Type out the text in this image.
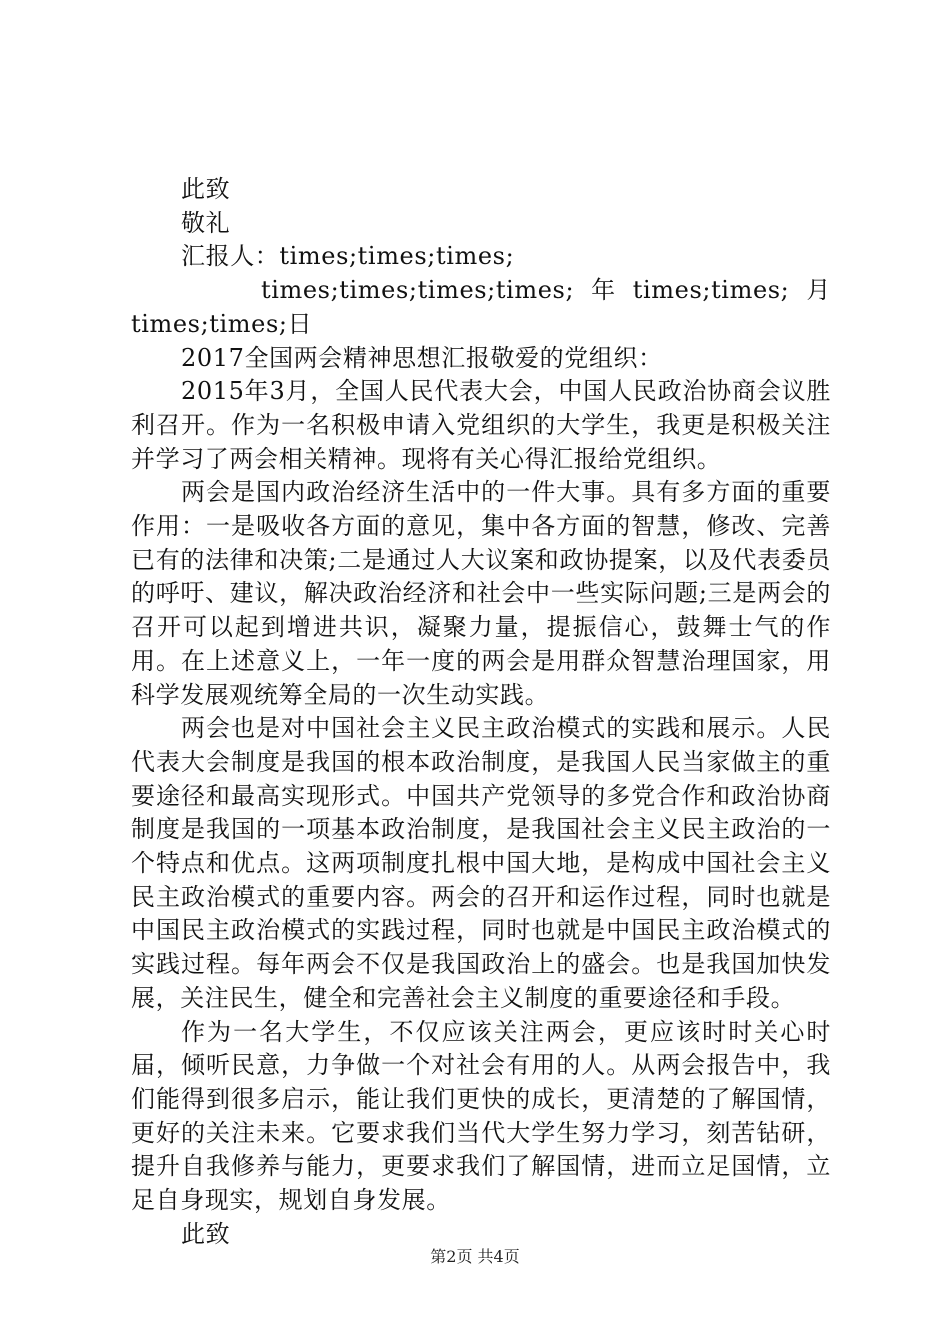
此致

敬礼

汇报人：times;times;times;

times;times;times;times; 年 times;times; 月

times;times;日

2017全国两会精神思想汇报敬爱的党组织：

2015年3月，全国人民代表大会，中国人民政治协商会议胜利召开。作为一名积极申请入党组织的大学生，我更是积极关注并学习了两会相关精神。现将有关心得汇报给党组织。

两会是国内政治经济生活中的一件大事。具有多方面的重要作用：一是吸收各方面的意见，集中各方面的智慧，修改、完善已有的法律和决策;二是通过人大议案和政协提案，以及代表委员的呼吁、建议，解决政治经济和社会中一些实际问题;三是两会的召开可以起到增进共识，凝聚力量，提振信心，鼓舞士气的作用。在上述意义上，一年一度的两会是用群众智慧治理国家，用科学发展观统筹全局的一次生动实践。

两会也是对中国社会主义民主政治模式的实践和展示。人民代表大会制度是我国的根本政治制度，是我国人民当家做主的重要途径和最高实现形式。中国共产党领导的多党合作和政治协商制度是我国的一项基本政治制度，是我国社会主义民主政治的一个特点和优点。这两项制度扎根中国大地，是构成中国社会主义民主政治模式的重要内容。两会的召开和运作过程，同时也就是中国民主政治模式的实践过程，同时也就是中国民主政治模式的实践过程。每年两会不仅是我国政治上的盛会。也是我国加快发展，关注民生，健全和完善社会主义制度的重要途径和手段。

作为一名大学生，不仅应该关注两会，更应该时时关心时届，倾听民意，力争做一个对社会有用的人。从两会报告中，我们能得到很多启示，能让我们更快的成长，更清楚的了解国情，更好的关注未来。它要求我们当代大学生努力学习，刻苦钻研，提升自我修养与能力，更要求我们了解国情，进而立足国情，立足自身现实，规划自身发展。

此致

第2页 共4页
